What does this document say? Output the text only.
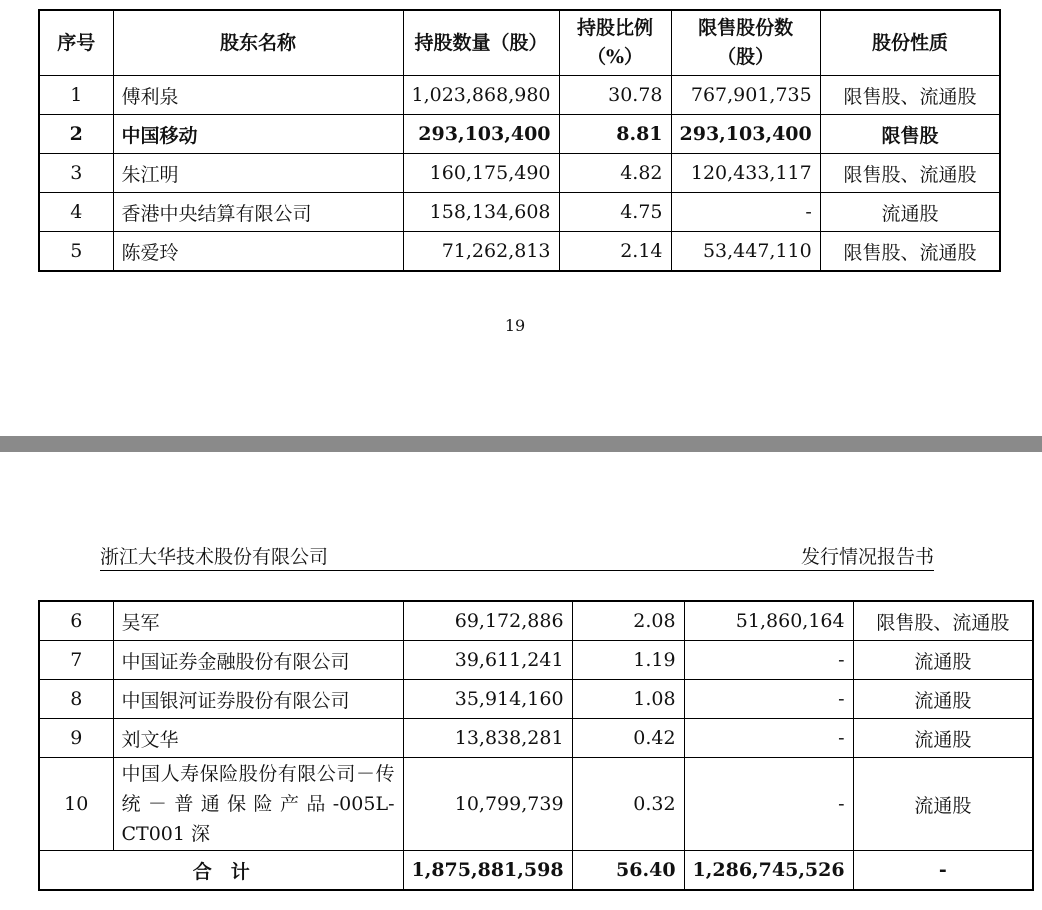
序号	股东名称	持股数量（股）	持股比例（%）	限售股份数（股）	股份性质
1	傅利泉	1,023,868,980	30.78	767,901,735	限售股、流通股
2	中国移动	293,103,400	8.81	293,103,400	限售股
3	朱江明	160,175,490	4.82	120,433,117	限售股、流通股
4	香港中央结算有限公司	158,134,608	4.75	-	流通股
5	陈爱玲	71,262,813	2.14	53,447,110	限售股、流通股
19
浙江大华技术股份有限公司	发行情况报告书
6	吴军	69,172,886	2.08	51,860,164	限售股、流通股
7	中国证券金融股份有限公司	39,611,241	1.19	-	流通股
8	中国银河证券股份有限公司	35,914,160	1.08	-	流通股
9	刘文华	13,838,281	0.42	-	流通股
10	中国人寿保险股份有限公司－传统－普通保险产品-005L-CT001 深	10,799,739	0.32	-	流通股
合　计		1,875,881,598	56.40	1,286,745,526	-
